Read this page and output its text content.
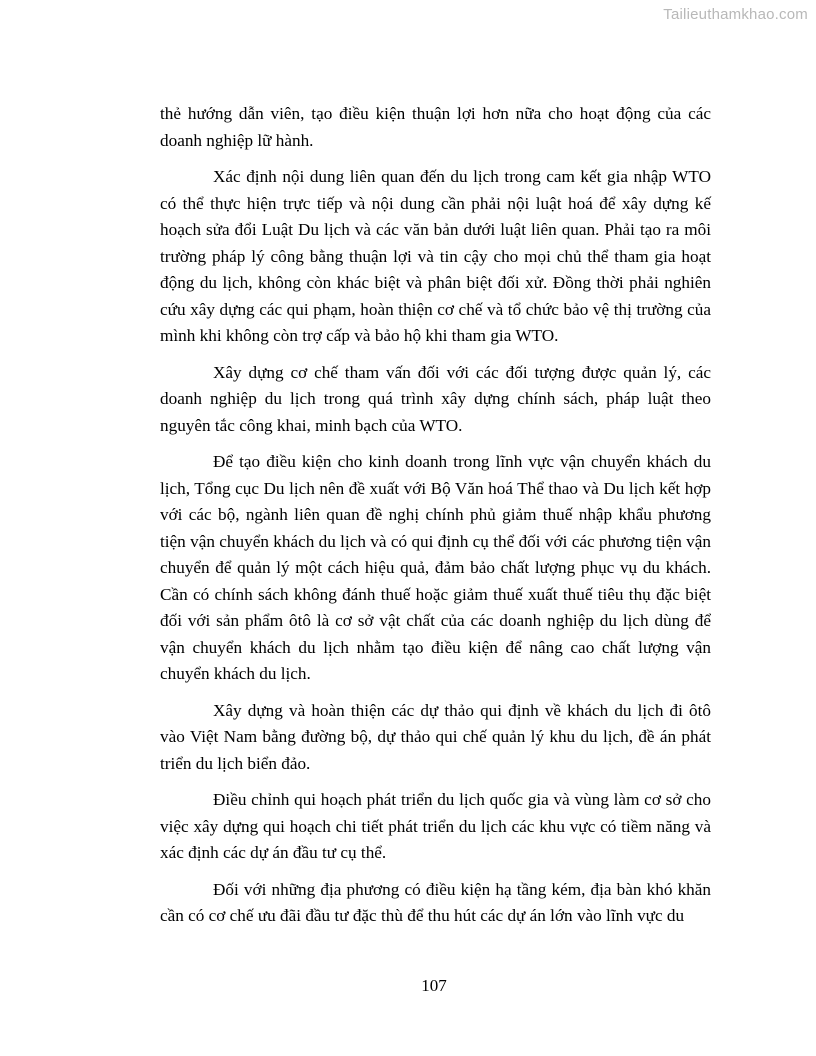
Tailieuthamkhao.com

thẻ hướng dẫn viên, tạo điều kiện thuận lợi hơn nữa cho hoạt động của các doanh nghiệp lữ hành.

Xác định nội dung liên quan đến du lịch trong cam kết gia nhập WTO có thể thực hiện trực tiếp và nội dung cần phải nội luật hoá để xây dựng kế hoạch sửa đổi Luật Du lịch và các văn bản dưới luật liên quan. Phải tạo ra môi trường pháp lý công bằng thuận lợi và tin cậy cho mọi chủ thể tham gia hoạt động du lịch, không còn khác biệt và phân biệt đối xử. Đồng thời phải nghiên cứu xây dựng các qui phạm, hoàn thiện cơ chế và tổ chức bảo vệ thị trường của mình khi không còn trợ cấp và bảo hộ khi tham gia WTO.

Xây dựng cơ chế tham vấn đối với các đối tượng được quản lý, các doanh nghiệp du lịch trong quá trình xây dựng chính sách, pháp luật theo nguyên tắc công khai, minh bạch của WTO.

Để tạo điều kiện cho kinh doanh trong lĩnh vực vận chuyển khách du lịch, Tổng cục Du lịch nên đề xuất với Bộ Văn hoá Thể thao và Du lịch kết hợp với các bộ, ngành liên quan đề nghị chính phủ giảm thuế nhập khẩu phương tiện vận chuyển khách du lịch và có qui định cụ thể đối với các phương tiện vận chuyển để quản lý một cách hiệu quả, đảm bảo chất lượng phục vụ du khách. Cần có chính sách không đánh thuế hoặc giảm thuế xuất thuế tiêu thụ đặc biệt đối với sản phẩm ôtô là cơ sở vật chất của các doanh nghiệp du lịch dùng để vận chuyển khách du lịch nhằm tạo điều kiện để nâng cao chất lượng vận chuyển khách du lịch.

Xây dựng và hoàn thiện các dự thảo qui định về khách du lịch đi ôtô vào Việt Nam bằng đường bộ, dự thảo qui chế quản lý khu du lịch, đề án phát triển du lịch biển đảo.

Điều chỉnh qui hoạch phát triển du lịch quốc gia và vùng làm cơ sở cho việc xây dựng qui hoạch chi tiết phát triển du lịch các khu vực có tiềm năng và xác định các dự án đầu tư cụ thể.

Đối với những địa phương có điều kiện hạ tầng kém, địa bàn khó khăn cần có cơ chế ưu đãi đầu tư đặc thù để thu hút các dự án lớn vào lĩnh vực du

107
